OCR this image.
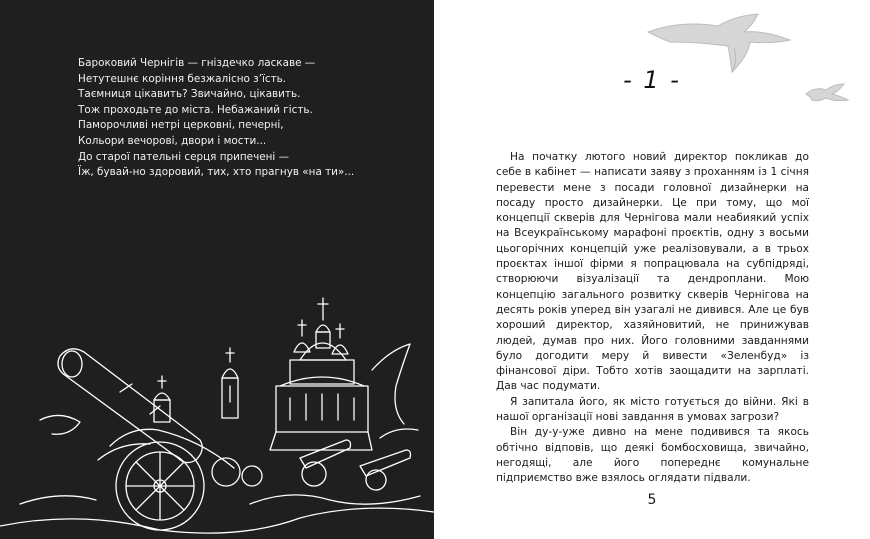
Бароковий Чернігів — гніздечко ласкаве —
Нетутешнє коріння безжалісно з’їсть.
Таємниця цікавить? Звичайно, цікавить.
Тож проходьте до міста. Небажаний гість.
Паморочливі нетрі церковні, печерні,
Кольори вечорові, двори і мости...
До старої пательні серця припечені —
Їж, бувай-но здоровий, тих, хто прагнув «на ти»...
- 1 -

На початку лютого новий директор покликав до себе в кабінет — написати заяву з проханням із 1 січня перевести мене з посади головної дизайнерки на посаду просто дизайнерки. Це при тому, що мої концепції скверів для Чернігова мали неабиякий успіх на Всеукраїнському марафоні проєктів, одну з восьми цьогорічних концепцій уже реалізовували, а в трьох проєктах іншої фірми я попрацювала на субпідряді, створюючи візуалізації та дендроплани. Мою концепцію загального розвитку скверів Чернігова на десять років уперед він узагалі не дивився. Але це був хороший директор, хазяйновитий, не принижував людей, думав про них. Його головними завданнями було догодити меру й вивести «Зеленбуд» із фінансової діри. Тобто хотів заощадити на зарплаті. Дав час подумати.

Я запитала його, як місто готується до війни. Які в нашої організації нові завдання в умовах загрози?

Він ду-у-уже дивно на мене подивився та якось обтічно відповів, що деякі бомбосховища, звичайно, негодящі, але його попереднє комунальне підприємство вже взялось оглядати підвали.

5
